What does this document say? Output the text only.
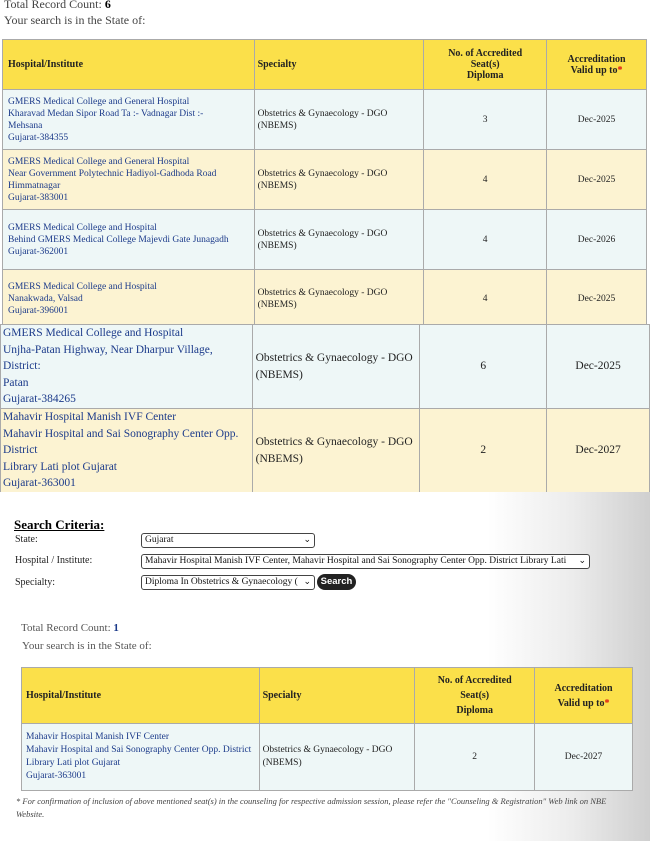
Total Record Count: 6
Your search is in the State of:
Hospital/Institute	Specialty	No. of Accredited
Seat(s)
Diploma	Accreditation
Valid up to*
GMERS Medical College and General Hospital
Kharavad Medan Sipor Road Ta :- Vadnagar Dist :-
Mehsana
Gujarat-384355	Obstetrics & Gynaecology - DGO
(NBEMS)	3	Dec-2025
GMERS Medical College and General Hospital
Near Government Polytechnic Hadiyol-Gadhoda Road
Himmatnagar
Gujarat-383001	Obstetrics & Gynaecology - DGO
(NBEMS)	4	Dec-2025
GMERS Medical College and Hospital
Behind GMERS Medical College Majevdi Gate Junagadh
Gujarat-362001	Obstetrics & Gynaecology - DGO
(NBEMS)	4	Dec-2026
GMERS Medical College and Hospital
Nanakwada, Valsad
Gujarat-396001	Obstetrics & Gynaecology - DGO
(NBEMS)	4	Dec-2025
GMERS Medical College and Hospital
Unjha-Patan Highway, Near Dharpur Village, District:
Patan
Gujarat-384265	Obstetrics & Gynaecology - DGO
(NBEMS)	6	Dec-2025
Mahavir Hospital Manish IVF Center
Mahavir Hospital and Sai Sonography Center Opp. District
Library Lati plot Gujarat
Gujarat-363001	Obstetrics & Gynaecology - DGO
(NBEMS)	2	Dec-2027
Search Criteria:
State:	Gujarat	⌄
Hospital / Institute:	Mahavir Hospital Manish IVF Center, Mahavir Hospital and Sai Sonography Center Opp. District Library Lati ⌄
Specialty:	Diploma In Obstetrics & Gynaecology ( ⌄	Search
Total Record Count: 1
Your search is in the State of:
Hospital/Institute	Specialty	No. of Accredited
Seat(s)
Diploma	Accreditation
Valid up to*
Mahavir Hospital Manish IVF Center
Mahavir Hospital and Sai Sonography Center Opp. District
Library Lati plot Gujarat
Gujarat-363001	Obstetrics & Gynaecology - DGO
(NBEMS)	2	Dec-2027
* For confirmation of inclusion of above mentioned seat(s) in the counseling for respective admission session, please refer the "Counseling & Registration" Web link on NBE Website.
